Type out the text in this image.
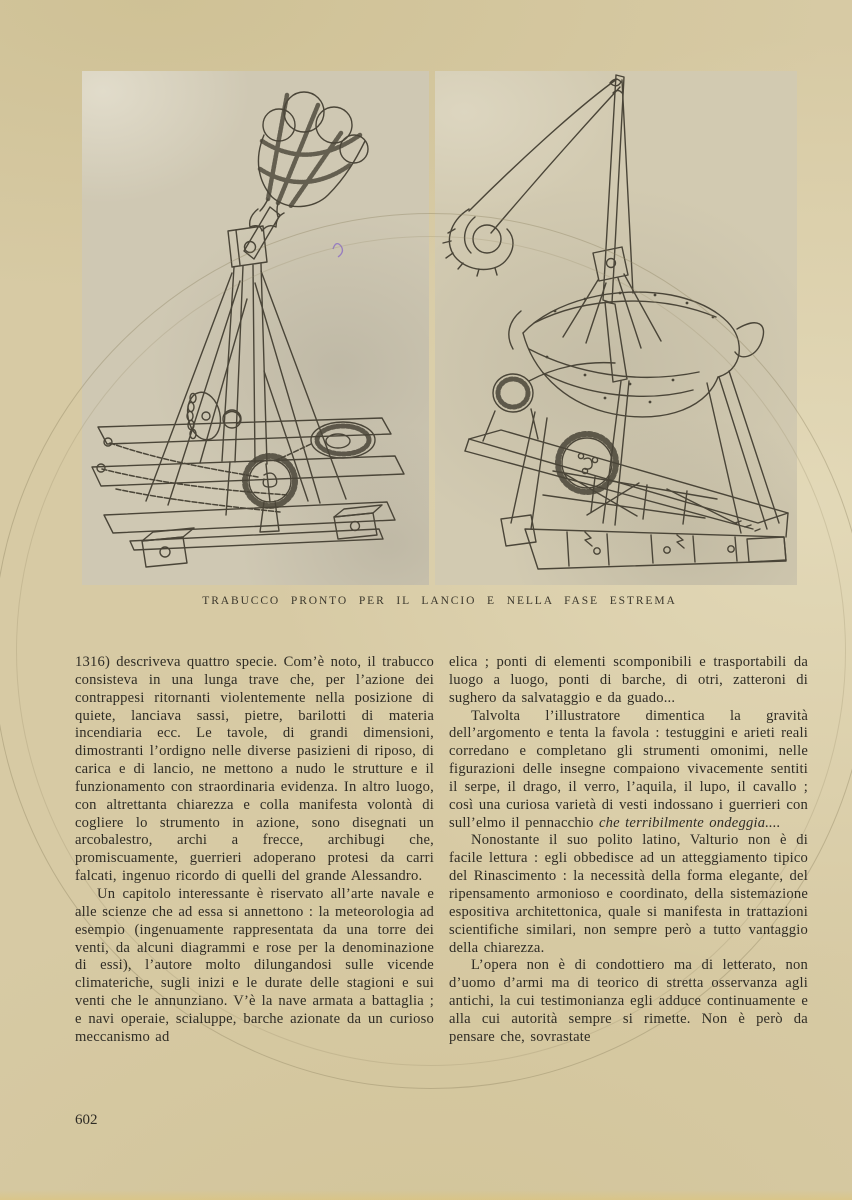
TRABUCCO PRONTO PER IL LANCIO E NELLA FASE ESTREMA

1316) descriveva quattro specie. Com’è noto, il trabucco consisteva in una lunga trave che, per l’azione dei contrappesi ritornanti violentemente nella posizione di quiete, lanciava sassi, pietre, barilotti di materia incendiaria ecc. Le tavole, di grandi dimensioni, dimostranti l’ordigno nelle diverse pasizieni di riposo, di carica e di lancio, ne mettono a nudo le strutture e il funzionamento con straordinaria evidenza. In altro luogo, con altrettanta chiarezza e colla manifesta volontà di cogliere lo strumento in azione, sono disegnati un arcobalestro, archi a frecce, archibugi che, promiscuamente, guerrieri adoperano protesi da carri falcati, ingenuo ricordo di quelli del grande Alessandro.

Un capitolo interessante è riservato all’arte navale e alle scienze che ad essa si annettono : la meteorologia ad esempio (ingenuamente rappresentata da una torre dei venti, da alcuni diagrammi e rose per la denominazione di essi), l’autore molto dilungandosi sulle vicende climateriche, sugli inizi e le durate delle stagioni e sui venti che le annunziano. V’è la nave armata a battaglia ; e navi operaie, scialuppe, barche azionate da un curioso meccanismo ad

elica ; ponti di elementi scomponibili e trasportabili da luogo a luogo, ponti di barche, di otri, zatteroni di sughero da salvataggio e da guado...

Talvolta l’illustratore dimentica la gravità dell’argomento e tenta la favola : testuggini e arieti reali corredano e completano gli strumenti omonimi, nelle figurazioni delle insegne compaiono vivacemente sentiti il serpe, il drago, il verro, l’aquila, il lupo, il cavallo ; così una curiosa varietà di vesti indossano i guerrieri con sull’elmo il pennacchio che terribilmente ondeggia....

Nonostante il suo polito latino, Valturio non è di facile lettura : egli obbedisce ad un atteggiamento tipico del Rinascimento : la necessità della forma elegante, del ripensamento armonioso e coordinato, della sistemazione espositiva architettonica, quale si manifesta in trattazioni scientifiche similari, non sempre però a tutto vantaggio della chiarezza.

L’opera non è di condottiero ma di letterato, non d’uomo d’armi ma di teorico di stretta osservanza agli antichi, la cui testimonianza egli adduce continuamente e alla cui autorità sempre si rimette. Non è però da pensare che, sovrastate

602
